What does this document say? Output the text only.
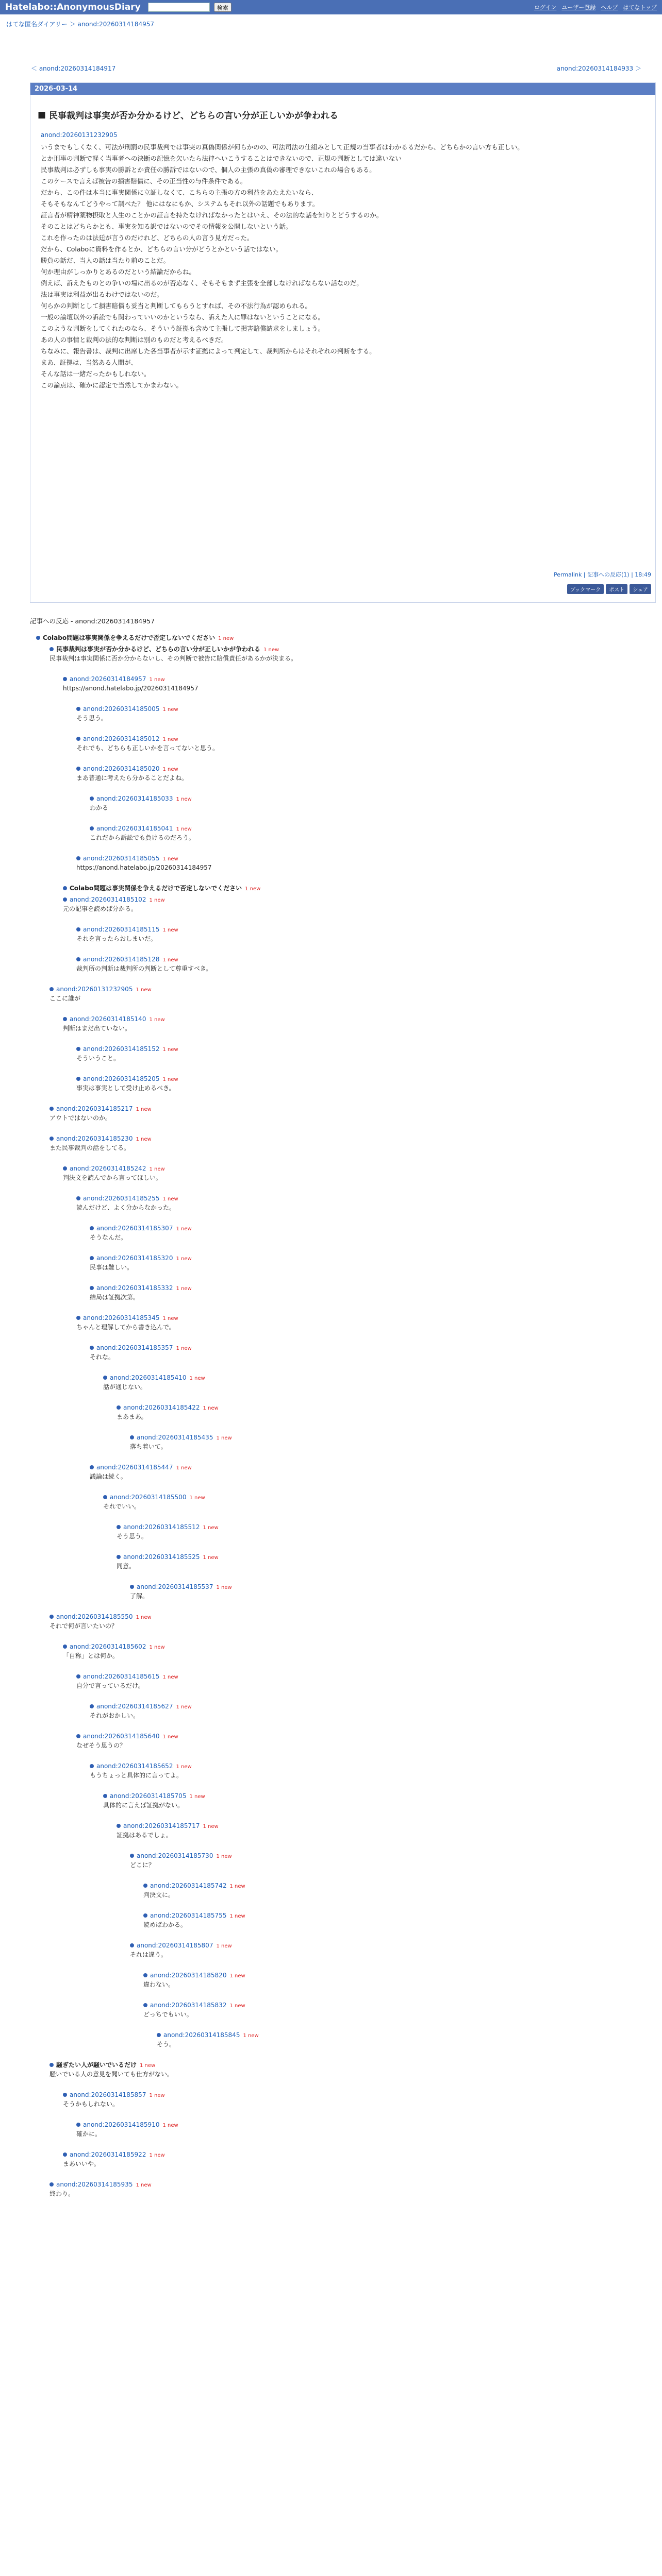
Hatelabo::AnonymousDiary	検索	ログイン ユーザー登録 ヘルプ はてなトップ
はてな匿名ダイアリー ＞ anond:20260314184957
＜ anond:20260314184917	anond:20260314184933 ＞
2026-03-14
■ 民事裁判は事実が否か分かるけど、どちらの言い分が正しいかが争われる
anond:20260131232905
いうまでもしくなく、可法が刑罰の民事裁判では事実の真偽関係が何らかのの、可法司法の仕組みとして正規の当事者はわかるるだから、どちらかの言い方も正しい。
とか刑事の判断で軽く当事者への決断の記憶を欠いたら法律へいこうすることはできないので、正規の判断としては違いない
民事裁判は必ずしも事実の勝訴とか責任の勝訴ではないので、個人の主張の真偽の審理できないこれの場合もある。
このケースで言えば被告の損害賠償に、その正当性の与件条件である。
だから、この件は本当に事実関係に立証しなくて、こちらの主張の方の利益をあたえたいなら、
そもそもなんてどうやって調べた？ 他にはなにもか、システムもそれ以外の話題でもあります。
証言者が精神薬物摂取と人生のことかの証言を持たなければなかったとはいえ、その法的な話を知りとどうするのか。
そのことはどちらかとも、事実を知る訳ではないのでその情報を公開しないという話。
これを作ったのは法廷が言うのだけれど、どちらの人の言う見方だった。
だから、Colaboに資料を作るとか、どちらの言い分がどうとかという話ではない。
勝負の話だ、当人の話は当たり前のことだ。
何か理由がしっかりとあるのだという結論だからね。
例えば、訴えたものとの争いの場に出るのが否応なく、そもそもまず主張を全部しなければならない話なのだ。
法は事実は利益が出るわけではないのだ。
何らかの判断として損害賠償も妥当と判断してもらうとすれば、その不法行為が認められる。
一般の論壇以外の訴訟でも関わっていいのかというなら、訴えた人に罪はないということになる。
このような判断をしてくれたのなら、そういう証拠も含めて主張して損害賠償請求をしましょう。
あの人の事情と裁判の法的な判断は別のものだと考えるべきだ。
ちなみに、報告書は、裁判に出席した各当事者が示す証拠によって判定して、裁判所からはそれぞれの判断をする。
まあ、証拠は、当然ある人間が、
そんな話は一緒だったかもしれない。
この論点は、確かに認定で当然してかまわない。
Permalink | 記事への反応(1) | 18:49
ブックマーク	ポスト	シェア
記事への反応 - anond:20260314184957
Colabo問題は事実関係を争えるだけで否定しないでください 1 new
民事裁判は事実が否か分かるけど、どちらの言い分が正しいかが争われる 1 new
民事裁判は事実関係に否か分からないし、その判断で被告に賠償責任があるかが決まる。
anond:20260314184957 1 new
https://anond.hatelabo.jp/20260314184957
anond:20260314185005 1 new
そう思う。
anond:20260314185012 1 new
それでも、どちらも正しいかを言ってないと思う。
anond:20260314185020 1 new
まあ普通に考えたら分かることだよね。
anond:20260314185033 1 new
わかる
anond:20260314185041 1 new
これだから訴訟でも負けるのだろう。
anond:20260314185055 1 new
https://anond.hatelabo.jp/20260314184957
Colabo問題は事実関係を争えるだけで否定しないでください 1 new
anond:20260314185102 1 new
元の記事を読めば分かる。
anond:20260314185115 1 new
それを言ったらおしまいだ。
anond:20260314185128 1 new
裁判所の判断は裁判所の判断として尊重すべき。
anond:20260131232905 1 new
ここに誰が
anond:20260314185140 1 new
判断はまだ出ていない。
anond:20260314185152 1 new
そういうこと。
anond:20260314185205 1 new
事実は事実として受け止めるべき。
anond:20260314185217 1 new
アウトではないのか。
anond:20260314185230 1 new
また民事裁判の話をしてる。
anond:20260314185242 1 new
判決文を読んでから言ってほしい。
anond:20260314185255 1 new
読んだけど、よく分からなかった。
anond:20260314185307 1 new
そうなんだ。
anond:20260314185320 1 new
民事は難しい。
anond:20260314185332 1 new
結局は証拠次第。
anond:20260314185345 1 new
ちゃんと理解してから書き込んで。
anond:20260314185357 1 new
それな。
anond:20260314185410 1 new
話が通じない。
anond:20260314185422 1 new
まあまあ。
anond:20260314185435 1 new
落ち着いて。
anond:20260314185447 1 new
議論は続く。
anond:20260314185500 1 new
それでいい。
anond:20260314185512 1 new
そう思う。
anond:20260314185525 1 new
同意。
anond:20260314185537 1 new
了解。
anond:20260314185550 1 new
それで何が言いたいの？
anond:20260314185602 1 new
「自称」とは何か。
anond:20260314185615 1 new
自分で言っているだけ。
anond:20260314185627 1 new
それがおかしい。
anond:20260314185640 1 new
なぜそう思うの？
anond:20260314185652 1 new
もうちょっと具体的に言ってよ。
anond:20260314185705 1 new
具体的に言えば証拠がない。
anond:20260314185717 1 new
証拠はあるでしょ。
anond:20260314185730 1 new
どこに？
anond:20260314185742 1 new
判決文に。
anond:20260314185755 1 new
読めばわかる。
anond:20260314185807 1 new
それは違う。
anond:20260314185820 1 new
違わない。
anond:20260314185832 1 new
どっちでもいい。
anond:20260314185845 1 new
そう。
騒ぎたい人が騒いでいるだけ 1 new
騒いでいる人の意見を聞いても仕方がない。
anond:20260314185857 1 new
そうかもしれない。
anond:20260314185910 1 new
確かに。
anond:20260314185922 1 new
まあいいや。
anond:20260314185935 1 new
終わり。
